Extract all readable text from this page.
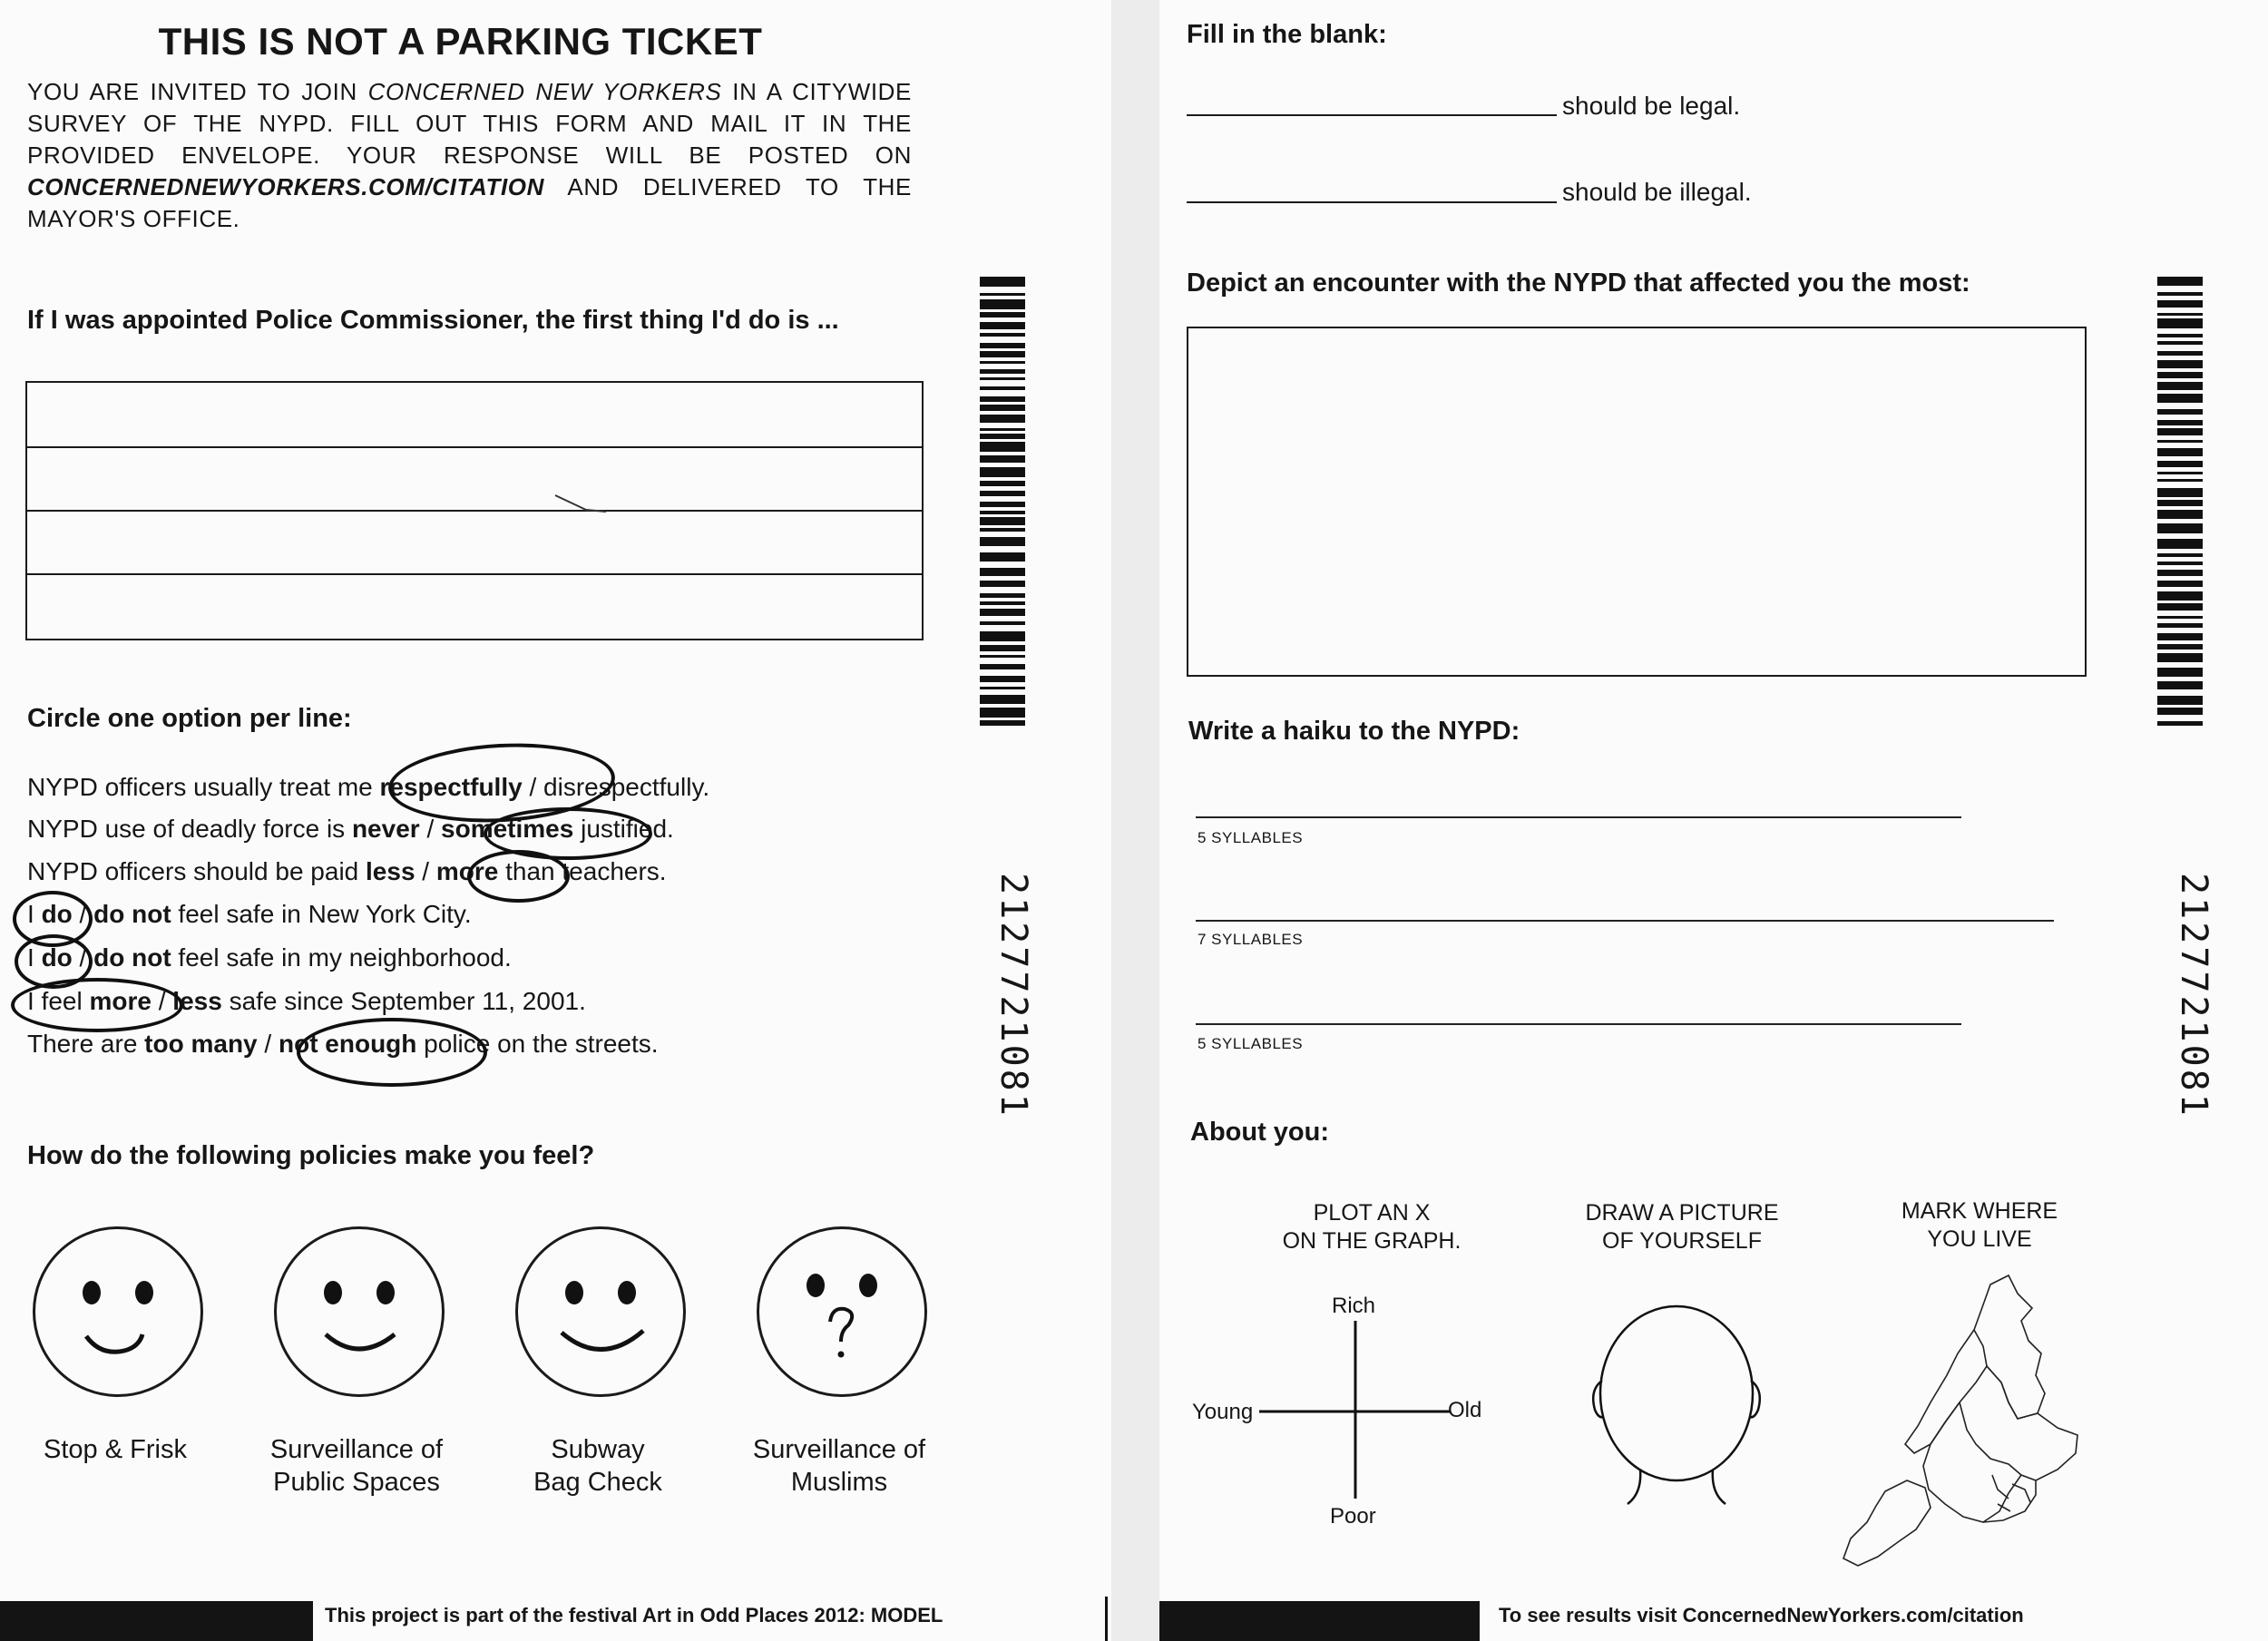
THIS IS NOT A PARKING TICKET
YOU ARE INVITED TO JOIN CONCERNED NEW YORKERS IN A CITYWIDE SURVEY OF THE NYPD. FILL OUT THIS FORM AND MAIL IT IN THE PROVIDED ENVELOPE. YOUR RESPONSE WILL BE POSTED ON CONCERNEDNEWYORKERS.COM/CITATION AND DELIVERED TO THE MAYOR'S OFFICE.
If I was appointed Police Commissioner, the first thing I'd do is ...
Circle one option per line:
NYPD officers usually treat me respectfully / disrespectfully.
NYPD use of deadly force is never / sometimes justified.
NYPD officers should be paid less / more than teachers.
I do / do not feel safe in New York City.
I do / do not feel safe in my neighborhood.
I feel more / less safe since September 11, 2001.
There are too many / not enough police on the streets.
How do the following policies make you feel?
Stop & Frisk	Surveillance of
Public Spaces
Subway
Bag Check
Surveillance of
Muslims
2127721081
This project is part of the festival Art in Odd Places 2012: MODEL
Fill in the blank:
should be legal.
should be illegal.
Depict an encounter with the NYPD that affected you the most:
Write a haiku to the NYPD:
5 SYLLABLES
7 SYLLABLES
5 SYLLABLES
About you:
PLOT AN X
ON THE GRAPH.
DRAW A PICTURE
OF YOURSELF
MARK WHERE
YOU LIVE
Rich
Poor
Young	Old
2127721081
To see results visit ConcernedNewYorkers.com/citation
